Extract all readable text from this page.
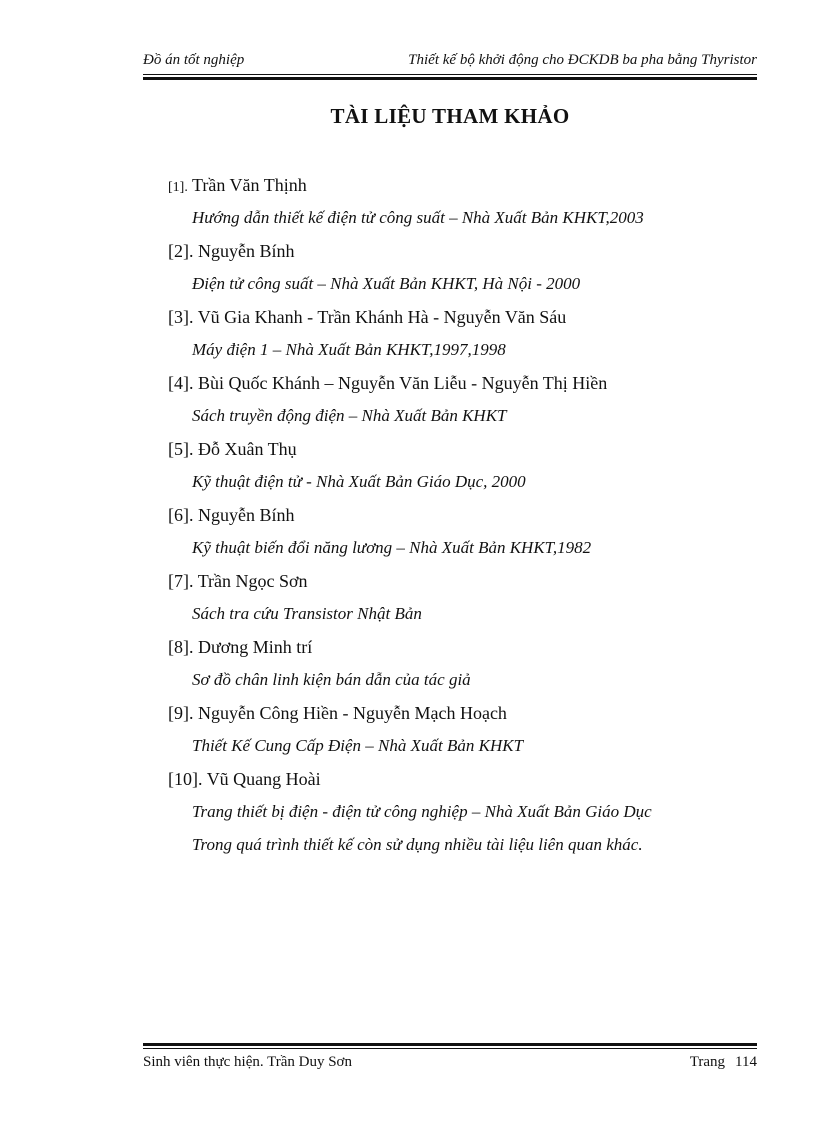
Đồ án tốt nghiệp	Thiết kế bộ khởi động cho ĐCKDB ba pha bằng Thyristor
TÀI LIỆU THAM KHẢO
[1]. Trần Văn Thịnh
Hướng dẫn thiết kế điện tử công suất – Nhà Xuất Bản KHKT,2003
[2]. Nguyễn Bính
Điện tử công suất – Nhà Xuất Bản KHKT, Hà Nội - 2000
[3]. Vũ Gia Khanh - Trần Khánh Hà - Nguyễn Văn Sáu
Máy điện 1 – Nhà Xuất Bản KHKT,1997,1998
[4]. Bùi Quốc Khánh – Nguyễn Văn Liễu - Nguyễn Thị Hiền
Sách truyền động điện – Nhà Xuất Bản KHKT
[5]. Đỗ Xuân Thụ
Kỹ thuật điện tử - Nhà Xuất Bản Giáo Dục, 2000
[6]. Nguyễn Bính
Kỹ thuật biến đổi năng lương – Nhà Xuất Bản KHKT,1982
[7]. Trần Ngọc Sơn
Sách tra cứu Transistor Nhật Bản
[8]. Dương Minh trí
Sơ đồ chân linh kiện bán dẫn của tác giả
[9]. Nguyễn Công Hiền - Nguyễn Mạch Hoạch
Thiết Kế Cung Cấp Điện – Nhà Xuất Bản KHKT
[10]. Vũ Quang Hoài
Trang thiết bị điện - điện tử công nghiệp – Nhà Xuất Bản Giáo Dục
Trong quá trình thiết kế còn sử dụng nhiều tài liệu liên quan khác.
Sinh viên thực hiện. Trần Duy Sơn	Trang 114
